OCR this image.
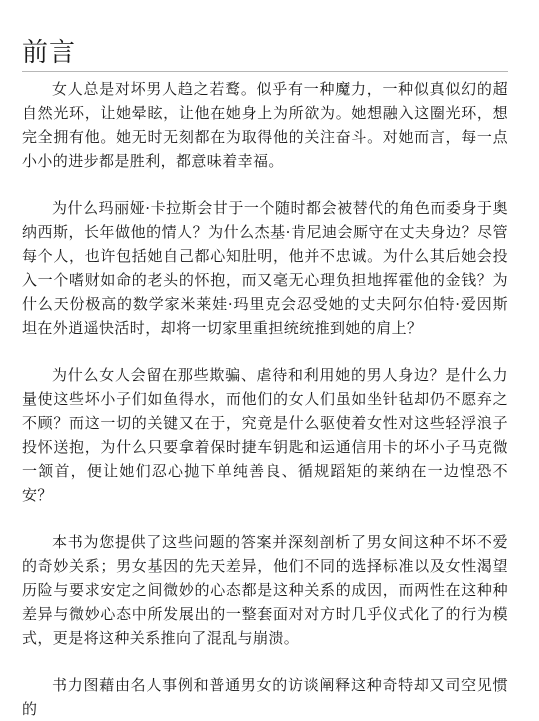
前言

女人总是对坏男人趋之若鹜。似乎有一种魔力，一种似真似幻的超自然光环，让她晕眩，让他在她身上为所欲为。她想融入这圈光环，想完全拥有他。她无时无刻都在为取得他的关注奋斗。对她而言，每一点小小的进步都是胜利，都意味着幸福。

为什么玛丽娅·卡拉斯会甘于一个随时都会被替代的角色而委身于奥纳西斯，长年做他的情人？为什么杰基·肯尼迪会厮守在丈夫身边？尽管每个人，也许包括她自己都心知肚明，他并不忠诚。为什么其后她会投入一个嗜财如命的老头的怀抱，而又毫无心理负担地挥霍他的金钱？为什么天份极高的数学家米莱娃·玛里克会忍受她的丈夫阿尔伯特·爱因斯坦在外逍遥快活时，却将一切家里重担统统推到她的肩上？

为什么女人会留在那些欺骗、虐待和利用她的男人身边？是什么力量使这些坏小子们如鱼得水，而他们的女人们虽如坐针毡却仍不愿弃之不顾？而这一切的关键又在于，究竟是什么驱使着女性对这些轻浮浪子投怀送抱，为什么只要拿着保时捷车钥匙和运通信用卡的坏小子马克微一颔首，便让她们忍心抛下单纯善良、循规蹈矩的莱纳在一边惶恐不安？

本书为您提供了这些问题的答案并深刻剖析了男女间这种不坏不爱的奇妙关系；男女基因的先天差异，他们不同的选择标准以及女性渴望历险与要求安定之间微妙的心态都是这种关系的成因，而两性在这种种差异与微妙心态中所发展出的一整套面对对方时几乎仪式化了的行为模式，更是将这种关系推向了混乱与崩溃。

书力图藉由名人事例和普通男女的访谈阐释这种奇特却又司空见惯的
